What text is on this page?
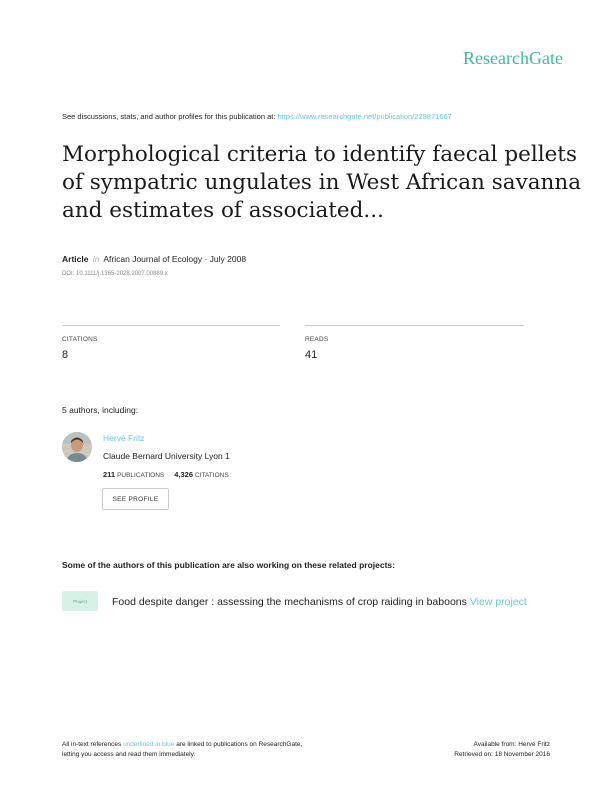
ResearchGate
See discussions, stats, and author profiles for this publication at: https://www.researchgate.net/publication/229871667
Morphological criteria to identify faecal pellets
of sympatric ungulates in West African savanna
and estimates of associated...
Article in African Journal of Ecology · July 2008
DOI: 10.1111/j.1365-2028.2007.00889.x
CITATIONS
8
READS
41
5 authors, including:
Hervé Fritz
Claude Bernard University Lyon 1
211 PUBLICATIONS 4,326 CITATIONS
SEE PROFILE
Some of the authors of this publication are also working on these related projects:
Project	Food despite danger : assessing the mechanisms of crop raiding in baboons View project
All in-text references underlined in blue are linked to publications on ResearchGate,
letting you access and read them immediately.
Available from: Hervé Fritz
Retrieved on: 18 November 2016
